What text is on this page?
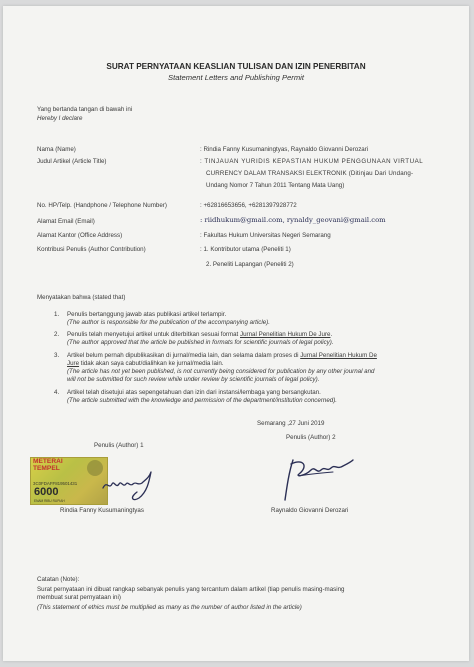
SURAT PERNYATAAN KEASLIAN TULISAN DAN IZIN PENERBITAN
Statement Letters and Publishing Permit
Yang bertanda tangan di bawah ini
Hereby I declare
Nama (Name)	: Rindia Fanny Kusumaningtyas, Raynaldo Giovanni Derozari
Judul Artikel (Article Title)	: TINJAUAN YURIDIS KEPASTIAN HUKUM PENGGUNAAN VIRTUAL
CURRENCY DALAM TRANSAKSI ELEKTRONIK (Ditinjau Dari Undang-
Undang Nomor 7 Tahun 2011 Tentang Mata Uang)
No. HP/Telp. (Handphone / Telephone Number)	: +62816653656, +6281397928772
Alamat Email (Email)	: riidhukum@gmail.com, rynaldy_geovani@gmail.com
Alamat Kantor (Office Address)	: Fakultas Hukum Universitas Negeri Semarang
Kontribusi Penulis (Author Contribution)	: 1. Kontributor utama (Peneliti 1)
2. Peneliti Lapangan (Peneliti 2)
Menyatakan bahwa (stated that)
1. Penulis bertanggung jawab atas publikasi artikel terlampir.
(The author is responsible for the publication of the accompanying article).
2. Penulis telah menyetujui artikel untuk diterbitkan sesuai format Jurnal Penelitian Hukum De Jure.
(The author approved that the article be published in formats for scientific journals of legal policy).
3. Artikel belum pernah dipublikasikan di jurnal/media lain, dan selama dalam proses di Jurnal Penelitian Hukum De
Jure tidak akan saya cabut/dialihkan ke jurnal/media lain.
(The article has not yet been published, is not currently being considered for publication by any other journal and
will not be submitted for such review while under review by scientific journals of legal policy).
4. Artikel telah disetujui atas sepengetahuan dan izin dari instansi/lembaga yang bersangkutan.
(The article submitted with the knowledge and permission of the department/institution concerned).
Semarang ,27 Juni 2019
Penulis (Author) 2
Penulis (Author) 1
METERAI
TEMPEL
3C0FDAFF819501431
6000
ENAM RIBU RUPIAH
Rindia Fanny Kusumaningtyas	Raynaldo Giovanni Derozari
Catatan (Note):
Surat pernyataan ini dibuat rangkap sebanyak penulis yang tercantum dalam artikel (tiap penulis masing-masing
membuat surat pernyataan ini)
(This statement of ethics must be multiplied as many as the number of author listed in the article)
